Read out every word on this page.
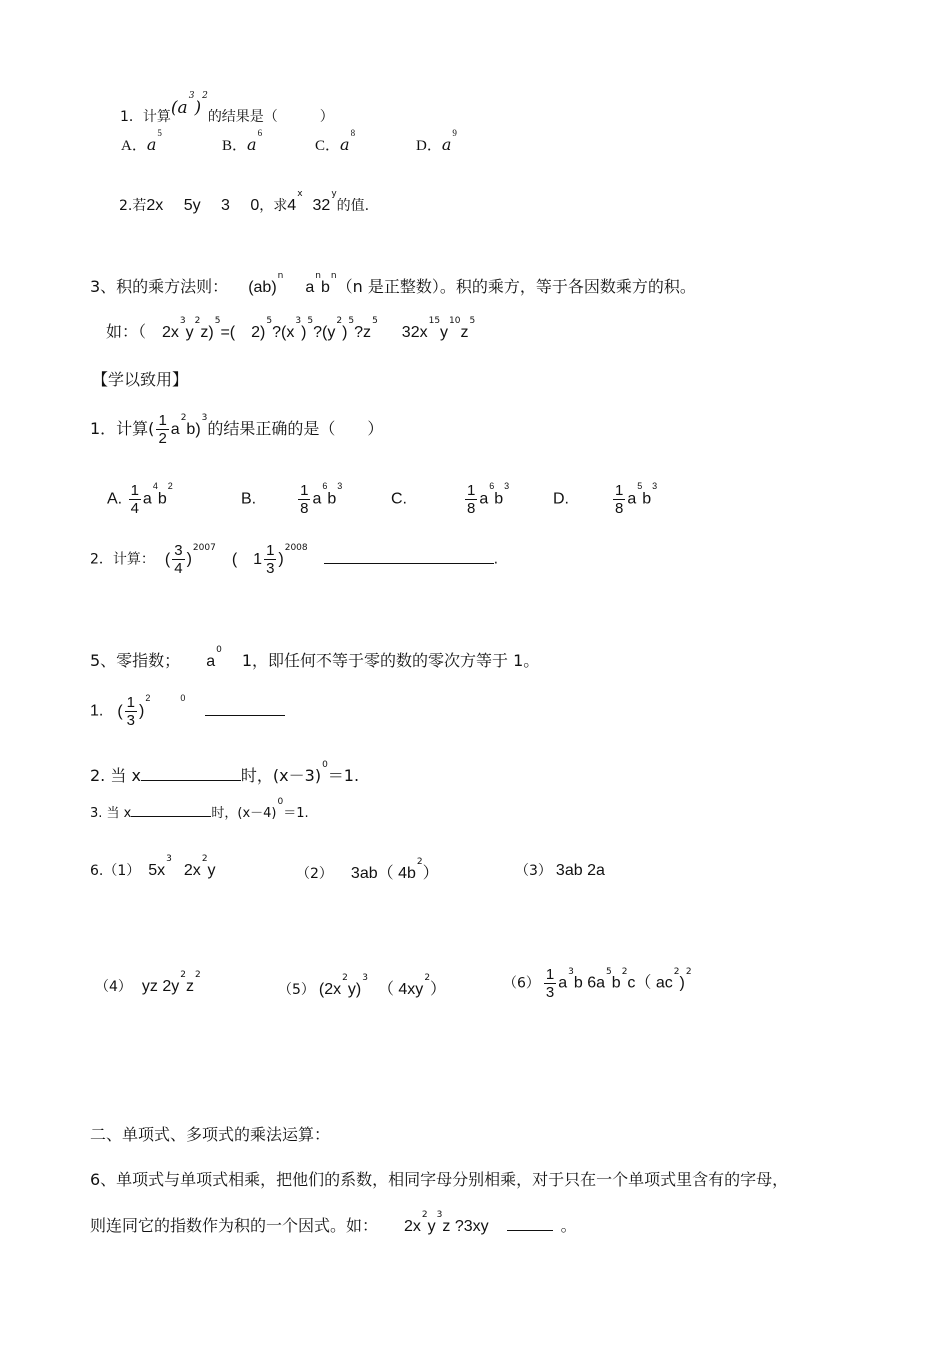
1．计算$(a^3)^2$的结果是（　　　）
A．$a^5$
B．$a^6$
C．$a^8$
D．$a^9$
2.若2x　 5y　 3　 0，求4$^x$32$^y$的值.
3、积的乘方法则： $(ab)^na^nb^n(n$ 是正整数）。积的乘方，等于各因数乘方的积。
如：（ $2x^3y^2z)^5=$(　$2)^5?(x^3)^5?(y^2)^5?z^532x^{15}y^{10}z^5$
【学以致用】
1．计算( $\frac{1}{2} a^2b)^3$的结果正确的是（　　）
A. $\frac{1}{4} a^4b^2$
B.	$\frac{1}{8} a^6b^3$
C.	$\frac{1}{8} a^6b^3$
D.	$\frac{1}{8} a^5b^3$
2．计算： ( $\frac{3}{4} )^{2007}$(　$1 \frac{1}{3} )^{2008}$.
5、零指数； $a^01$，即任何不等于零的数的零次方等于 1。
1. ( $\frac{1}{3} )^2$	$^0$
2. 当 x	时，$(x-3)^0=1$.
3. 当 x	时，$(x-4)^0=1$.
6.（1） $5x^32x^2y$	（2） 3ab（ $4b^2$）	（3） 3ab 2a
（4） yz $2y^2z^2$
（5） $(2x^2y)^3$（ $4xy^2$）	$(6) \frac{1}{3} a^3b$ $6a^5b^2c$（ $ac^2)^2$
二、单项式、多项式的乘法运算：
6、单项式与单项式相乘，把他们的系数，相同字母分别相乘，对于只在一个单项式里含有的字母，
则连同它的指数作为积的一个因式。如： $2x^2y^3z$ ?3xy	。
